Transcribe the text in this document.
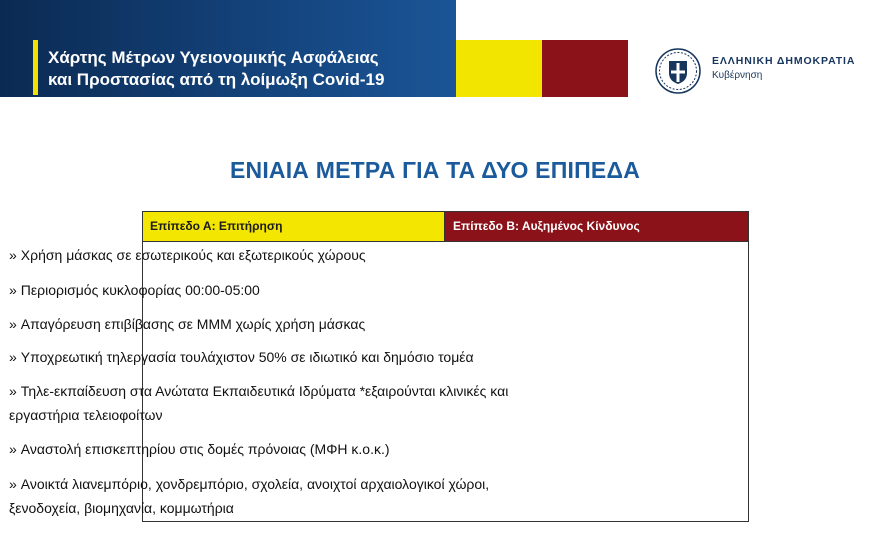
Χάρτης Μέτρων Υγειονομικής Ασφάλειας
και Προστασίας από τη λοίμωξη Covid-19
ΕΛΛΗΝΙΚΗ ΔΗΜΟΚΡΑΤΙΑ
Κυβέρνηση
ΕΝΙΑΙΑ ΜΕΤΡΑ ΓΙΑ ΤΑ ΔΥΟ ΕΠΙΠΕΔΑ
Επίπεδο Α: Επιτήρηση	Επίπεδο Β: Αυξημένος Κίνδυνος
» Χρήση μάσκας σε εσωτερικούς και εξωτερικούς χώρους
» Περιορισμός κυκλοφορίας 00:00-05:00
» Απαγόρευση επιβίβασης σε ΜΜΜ χωρίς χρήση μάσκας
» Υποχρεωτική τηλεργασία τουλάχιστον 50% σε ιδιωτικό και δημόσιο τομέα
» Τηλε-εκπαίδευση στα Ανώτατα Εκπαιδευτικά Ιδρύματα *εξαιρούνται κλινικές και
εργαστήρια τελειοφοίτων
» Αναστολή επισκεπτηρίου στις δομές πρόνοιας (ΜΦΗ κ.ο.κ.)
» Ανοικτά λιανεμπόριο, χονδρεμπόριο, σχολεία, ανοιχτοί αρχαιολογικοί χώροι,
ξενοδοχεία, βιομηχανία, κομμωτήρια
